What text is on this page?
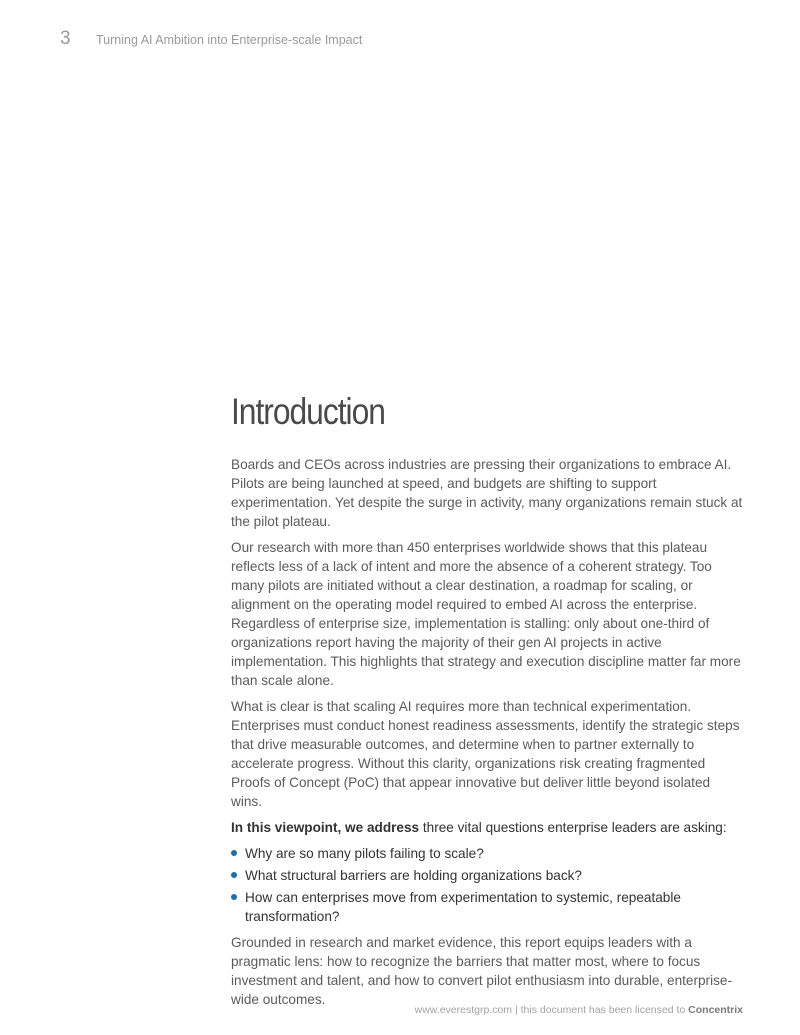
3	Turning AI Ambition into Enterprise-scale Impact
Introduction

Boards and CEOs across industries are pressing their organizations to embrace AI. Pilots are being launched at speed, and budgets are shifting to support experimentation. Yet despite the surge in activity, many organizations remain stuck at the pilot plateau.

Our research with more than 450 enterprises worldwide shows that this plateau reflects less of a lack of intent and more the absence of a coherent strategy. Too many pilots are initiated without a clear destination, a roadmap for scaling, or alignment on the operating model required to embed AI across the enterprise. Regardless of enterprise size, implementation is stalling: only about one-third of organizations report having the majority of their gen AI projects in active implementation. This highlights that strategy and execution discipline matter far more than scale alone.

What is clear is that scaling AI requires more than technical experimentation. Enterprises must conduct honest readiness assessments, identify the strategic steps that drive measurable outcomes, and determine when to partner externally to accelerate progress. Without this clarity, organizations risk creating fragmented Proofs of Concept (PoC) that appear innovative but deliver little beyond isolated wins.

In this viewpoint, we address three vital questions enterprise leaders are asking:

Why are so many pilots failing to scale?
What structural barriers are holding organizations back?
How can enterprises move from experimentation to systemic, repeatable transformation?

Grounded in research and market evidence, this report equips leaders with a pragmatic lens: how to recognize the barriers that matter most, where to focus investment and talent, and how to convert pilot enthusiasm into durable, enterprise-wide outcomes.

www.everestgrp.com | this document has been licensed to Concentrix
